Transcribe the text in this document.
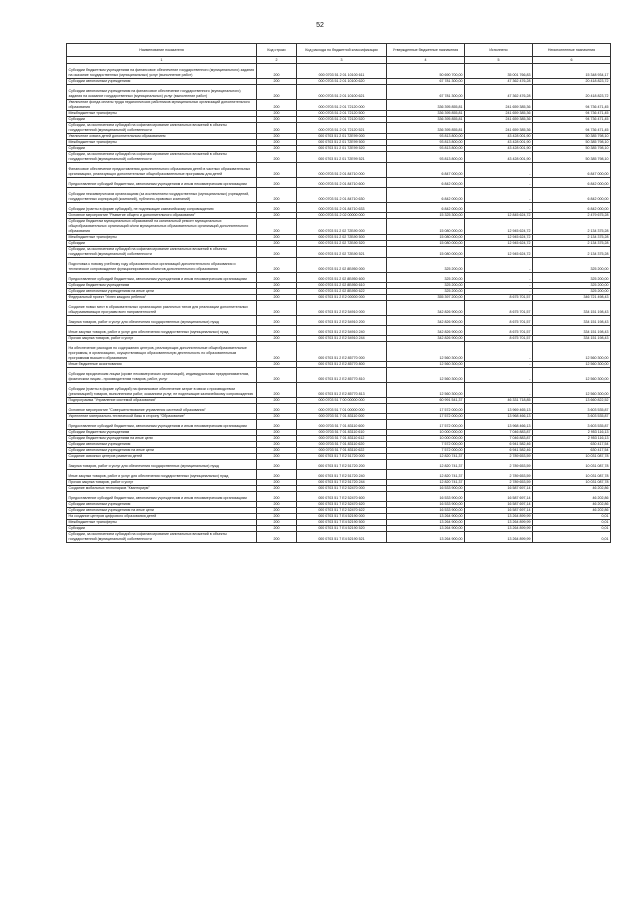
52
Наименование показателя	Код строки	Код расхода по бюджетной классификации	Утвержденные бюджетные назначения	Исполнено	Неисполненные назначения
1	2	3	4	5	6
Субсидии бюджетным учреждениям на финансовое обеспечение государственного (муниципального) задания на оказание государственных (муниципальных) услуг (выполнение работ)	200	000 0703 51 2 01 10100 611	50 690 700,00	35 001 766,83	15 348 934,17
Субсидии автономным учреждениям	200	000 0703 51 2 01 10100 620	67 781 300,00	47 362 476,28	20 418 823,72
Субсидии автономным учреждениям на финансовое обеспечение государственного (муниципального) задания на оказание государственных (муниципальных) услуг (выполнение работ)	200	000 0703 51 2 01 10100 621	67 781 300,00	47 362 476,28	20 418 823,72
Увеличение фонда оплаты труда педагогических работников муниципальных организаций дополнительного образования	200	000 0703 51 2 01 72120 000	336 395 855,81	241 659 385,36	94 736 471,45
Межбюджетные трансферты	200	000 0703 51 2 01 72120 500	336 395 855,81	241 659 385,36	94 736 471,45
Субсидии	200	000 0703 51 2 01 72120 520	336 395 855,81	241 659 385,36	94 736 471,45
Субсидии, за исключением субсидий на софинансирование капитальных вложений в объекты государственной (муниципальной) собственности	200	000 0703 51 2 01 72120 521	336 395 855,81	241 659 385,36	94 736 471,45
Увеличение охвата детей дополнительным образованием	200	000 0703 51 2 01 72E99 000	93 813 800,00	43 428 001,90	50 385 798,10
Межбюджетные трансферты	200	000 0703 51 2 01 72E99 500	93 813 800,00	43 428 001,90	50 385 798,10
Субсидии	200	000 0703 51 2 01 72E99 520	93 813 800,00	43 428 001,90	50 385 798,10
Субсидии, за исключением субсидий на софинансирование капитальных вложений в объекты государственной (муниципальной) собственности	200	000 0703 51 2 01 72E99 521	93 813 800,00	43 428 001,90	50 385 798,10
Финансовое обеспечение предоставления дополнительного образования детей в частных образовательных организациях, реализующих дополнительные общеобразовательные программы для детей	200	000 0703 51 2 01 84710 000	6 847 000,00	-	6 847 000,00
Предоставление субсидий бюджетным, автономным учреждениям и иным некоммерческим организациям	200	000 0703 51 2 01 84710 600	6 842 000,00	-	6 842 000,00
Субсидии некоммерческим организациям (за исключением государственных (муниципальных) учреждений, государственных корпораций (компаний), публично-правовых компаний)	200	000 0703 51 2 01 84710 630	6 842 000,00	-	6 842 000,00
Субсидии (гранты в форме субсидий), не подлежащие казначейскому сопровождению	200	000 0703 51 2 01 84710 633	6 842 000,00	-	6 842 000,00
Основное мероприятие "Развитие общего и дополнительного образования"	200	000 0703 51 2 02 00000 000	15 325 300,00	12 845 624,72	2 479 675,28
Субсидии бюджетам муниципальных образований на капитальный ремонт муниципальных общеобразовательных организаций и/или муниципальных образовательных организаций дополнительного образования	200	000 0703 51 2 02 72Б90 000	15 080 000,00	12 945 624,72	2 134 375,28
Межбюджетные трансферты	200	000 0703 51 2 02 72Б90 500	15 080 000,00	12 945 624,72	2 134 375,28
Субсидии	200	000 0703 51 2 02 72Б90 520	15 080 000,00	12 945 624,72	2 134 375,28
Субсидии, за исключением субсидий на софинансирование капитальных вложений в объекты государственной (муниципальной) собственности	200	000 0703 51 2 02 72Б90 521	15 080 000,00	12 945 624,72	2 134 375,28
Подготовка к новому учебному году образовательных организаций дополнительного образования и техническое сопровождение функционирования объектов дополнительного образования	200	000 0703 51 2 02 8Б950 000	325 200,00	-	325 200,00
Предоставление субсидий бюджетным, автономным учреждениям и иным некоммерческим организациям	200	000 0703 51 2 02 8Б950 600	325 200,00	-	325 200,00
Субсидии бюджетным учреждениям	200	000 0703 51 2 02 8Б950 610	325 200,00	-	325 200,00
Субсидии автономным учреждениям на иные цели	200	000 0703 51 2 02 8Б950 622	325 200,00	-	325 200,00
Федеральный проект "Успех каждого ребенка"	200	000 0703 51 2 E2 00000 000	355 397 200,00	8 675 701,57	346 721 498,43
Создание новых мест в образовательных организациях различных типов для реализации дополнительных общеразвивающих программ всех направленностей	200	000 0703 51 2 E2 54910 000	342 826 900,00	8 675 701,57	334 151 198,43
Закупка товаров, работ и услуг для обеспечения государственных (муниципальных) нужд	200	000 0703 51 2 E2 54910 200	342 826 900,00	8 675 701,57	334 151 198,43
Иные закупки товаров, работ и услуг для обеспечения государственных (муниципальных) нужд	200	000 0703 51 2 E2 54910 240	342 826 900,00	8 675 701,57	334 151 198,43
Прочая закупка товаров, работ и услуг	200	000 0703 51 2 E2 54910 244	342 826 900,00	8 675 701,57	334 151 198,43
На обеспечение расходов по содержанию центров, реализующих дополнительные общеобразовательные программы, в организациях, осуществляющих образовательную деятельность по образовательным программам высшего образования	200	000 0703 51 2 E2 85770 000	12 560 300,00	-	12 560 300,00
Иные бюджетные ассигнования	200	000 0703 51 2 E2 85770 800	12 560 300,00	-	12 560 300,00
Субсидии юридическим лицам (кроме некоммерческих организаций), индивидуальным предпринимателям, физическим лицам - производителям товаров, работ, услуг	200	000 0703 51 2 E2 85770 810	12 560 300,00	-	12 560 300,00
Субсидии (гранты в форме субсидий) на финансовое обеспечение затрат в связи с производством (реализацией) товаров, выполнением работ, оказанием услуг, не подлежащие казначейскому сопровождению	200	000 0703 51 2 E2 85770 813	12 560 300,00	-	12 560 300,00
Подпрограмма "Управление системой образования"	200	000 0703 51 7 00 00000 000	60 991 541,37	46 331 718,85	13 660 822,52
Основное мероприятие "Совершенствование управления системой образования"	200	000 0703 51 7 01 00000 000	17 572 000,00	13 969 465,13	3 603 535,87
Укрепление материально-технической базы в сторону "Образование"	200	000 0703 51 7 01 83110 000	17 572 000,00	13 968 466,13	3 603 535,87
Предоставление субсидий бюджетным, автономным учреждениям и иным некоммерческим организациям	200	000 0703 51 7 01 83110 600	17 572 000,00	13 968 466,13	3 603 535,87
Субсидии бюджетным учреждениям	200	000 0703 51 7 01 83110 610	10 000 000,00	7 046 883,87	2 953 116,13
Субсидии бюджетным учреждениям на иные цели	200	000 0703 51 7 01 83110 612	10 000 000,00	7 046 883,87	2 953 116,13
Субсидии автономным учреждениям	200	000 0703 51 7 01 83110 620	7 572 000,00	6 941 582,46	630 417,54
Субсидии автономным учреждениям на иные цели	200	000 0703 51 7 01 83110 622	7 572 000,00	6 941 582,46	630 417,54
Создание сквозных центров развития детей	200	000 0703 51 7 E2 51720 000	12 820 741,37	2 789 653,59	10 031 087,78
Закупка товаров, работ и услуг для обеспечения государственных (муниципальных) нужд	200	000 0703 51 7 E2 51720 200	12 820 741,37	2 789 653,59	10 031 087,78
Иные закупки товаров, работ и услуг для обеспечения государственных (муниципальных) нужд	200	000 0703 51 7 E2 51720 240	12 820 741,37	2 789 653,59	10 031 087,78
Прочая закупка товаров, работ и услуг	200	000 0703 51 7 E2 51720 244	12 820 741,37	2 789 653,59	10 031 087,78
Создание мобильных технопарков "Кванториум"	200	000 0703 51 7 E2 52470 000	16 533 900,00	16 587 697,14	46 202,86
Предоставление субсидий бюджетным, автономным учреждениям и иным некоммерческим организациям	200	000 0703 51 7 E2 52470 600	16 533 900,00	16 587 697,14	46 202,86
Субсидии автономным учреждениям	200	000 0703 51 7 E2 52470 620	16 533 900,00	16 587 697,14	46 202,86
Субсидии автономным учреждениям на иные цели	200	000 0703 51 7 E2 52470 622	16 533 900,00	16 587 697,14	46 202,86
На создание центров цифрового образования детей	200	000 0703 51 7 E4 52190 000	13 264 900,00	13 264 899,99	0,01
Межбюджетные трансферты	200	000 0703 51 7 E4 52190 500	13 264 900,00	13 264 899,99	0,01
Субсидии	200	000 0703 51 7 E4 52190 520	13 264 900,00	13 264 899,99	0,01
Субсидии, за исключением субсидий на софинансирование капитальных вложений в объекты государственной (муниципальной) собственности	200	000 0703 51 7 E4 52190 521	13 264 900,00	13 264 899,99	0,01
